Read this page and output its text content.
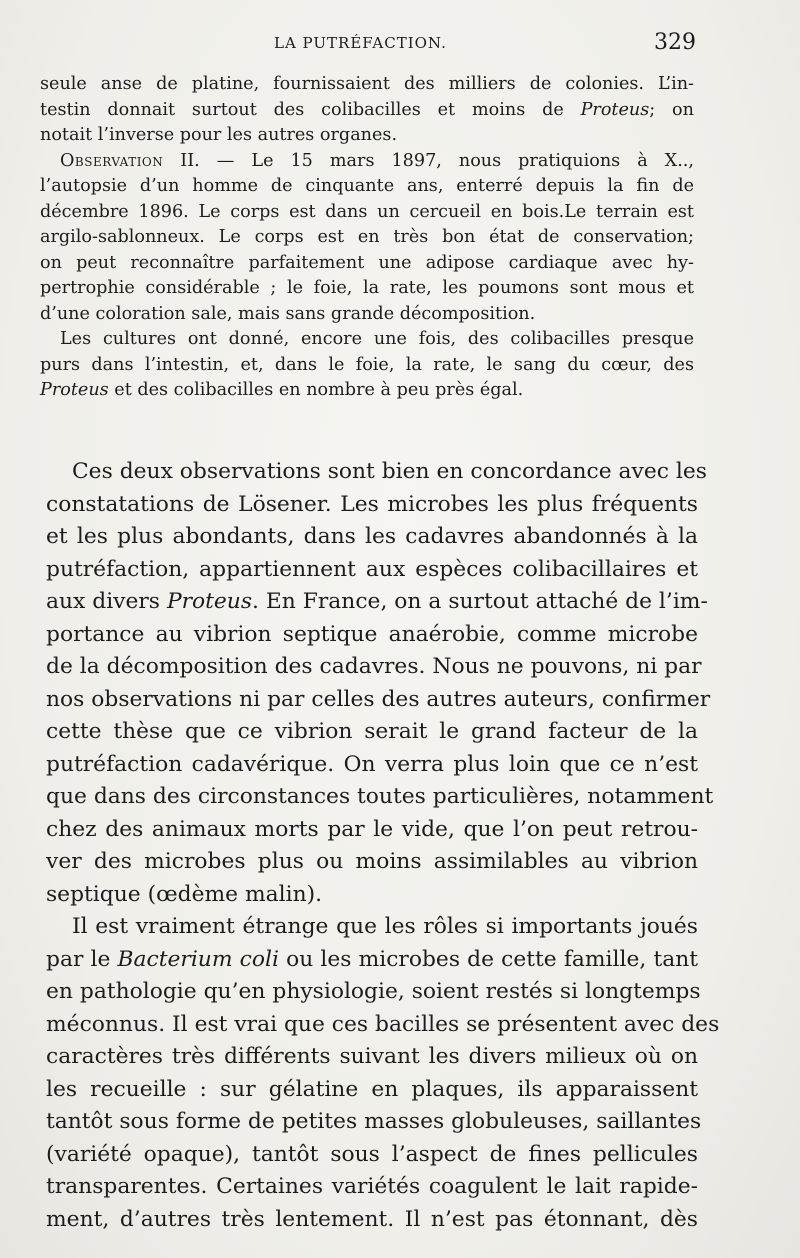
LA PUTRÉFACTION.	329
seule anse de platine, fournissaient des milliers de colonies. L’in-
testin donnait surtout des colibacilles et moins de Proteus; on
notait l’inverse pour les autres organes.
Observation II. — Le 15 mars 1897, nous pratiquions à X..,
l’autopsie d’un homme de cinquante ans, enterré depuis la fin de
décembre 1896. Le corps est dans un cercueil en bois.Le terrain est
argilo-sablonneux. Le corps est en très bon état de conservation;
on peut reconnaître parfaitement une adipose cardiaque avec hy-
pertrophie considérable ; le foie, la rate, les poumons sont mous et
d’une coloration sale, mais sans grande décomposition.
Les cultures ont donné, encore une fois, des colibacilles presque
purs dans l’intestin, et, dans le foie, la rate, le sang du cœur, des
Proteus et des colibacilles en nombre à peu près égal.
Ces deux observations sont bien en concordance avec les
constatations de Lösener. Les microbes les plus fréquents
et les plus abondants, dans les cadavres abandonnés à la
putréfaction, appartiennent aux espèces colibacillaires et
aux divers Proteus. En France, on a surtout attaché de l’im-
portance au vibrion septique anaérobie, comme microbe
de la décomposition des cadavres. Nous ne pouvons, ni par
nos observations ni par celles des autres auteurs, confirmer
cette thèse que ce vibrion serait le grand facteur de la
putréfaction cadavérique. On verra plus loin que ce n’est
que dans des circonstances toutes particulières, notamment
chez des animaux morts par le vide, que l’on peut retrou-
ver des microbes plus ou moins assimilables au vibrion
septique (œdème malin).
Il est vraiment étrange que les rôles si importants joués
par le Bacterium coli ou les microbes de cette famille, tant
en pathologie qu’en physiologie, soient restés si longtemps
méconnus. Il est vrai que ces bacilles se présentent avec des
caractères très différents suivant les divers milieux où on
les recueille : sur gélatine en plaques, ils apparaissent
tantôt sous forme de petites masses globuleuses, saillantes
(variété opaque), tantôt sous l’aspect de fines pellicules
transparentes. Certaines variétés coagulent le lait rapide-
ment, d’autres très lentement. Il n’est pas étonnant, dès
